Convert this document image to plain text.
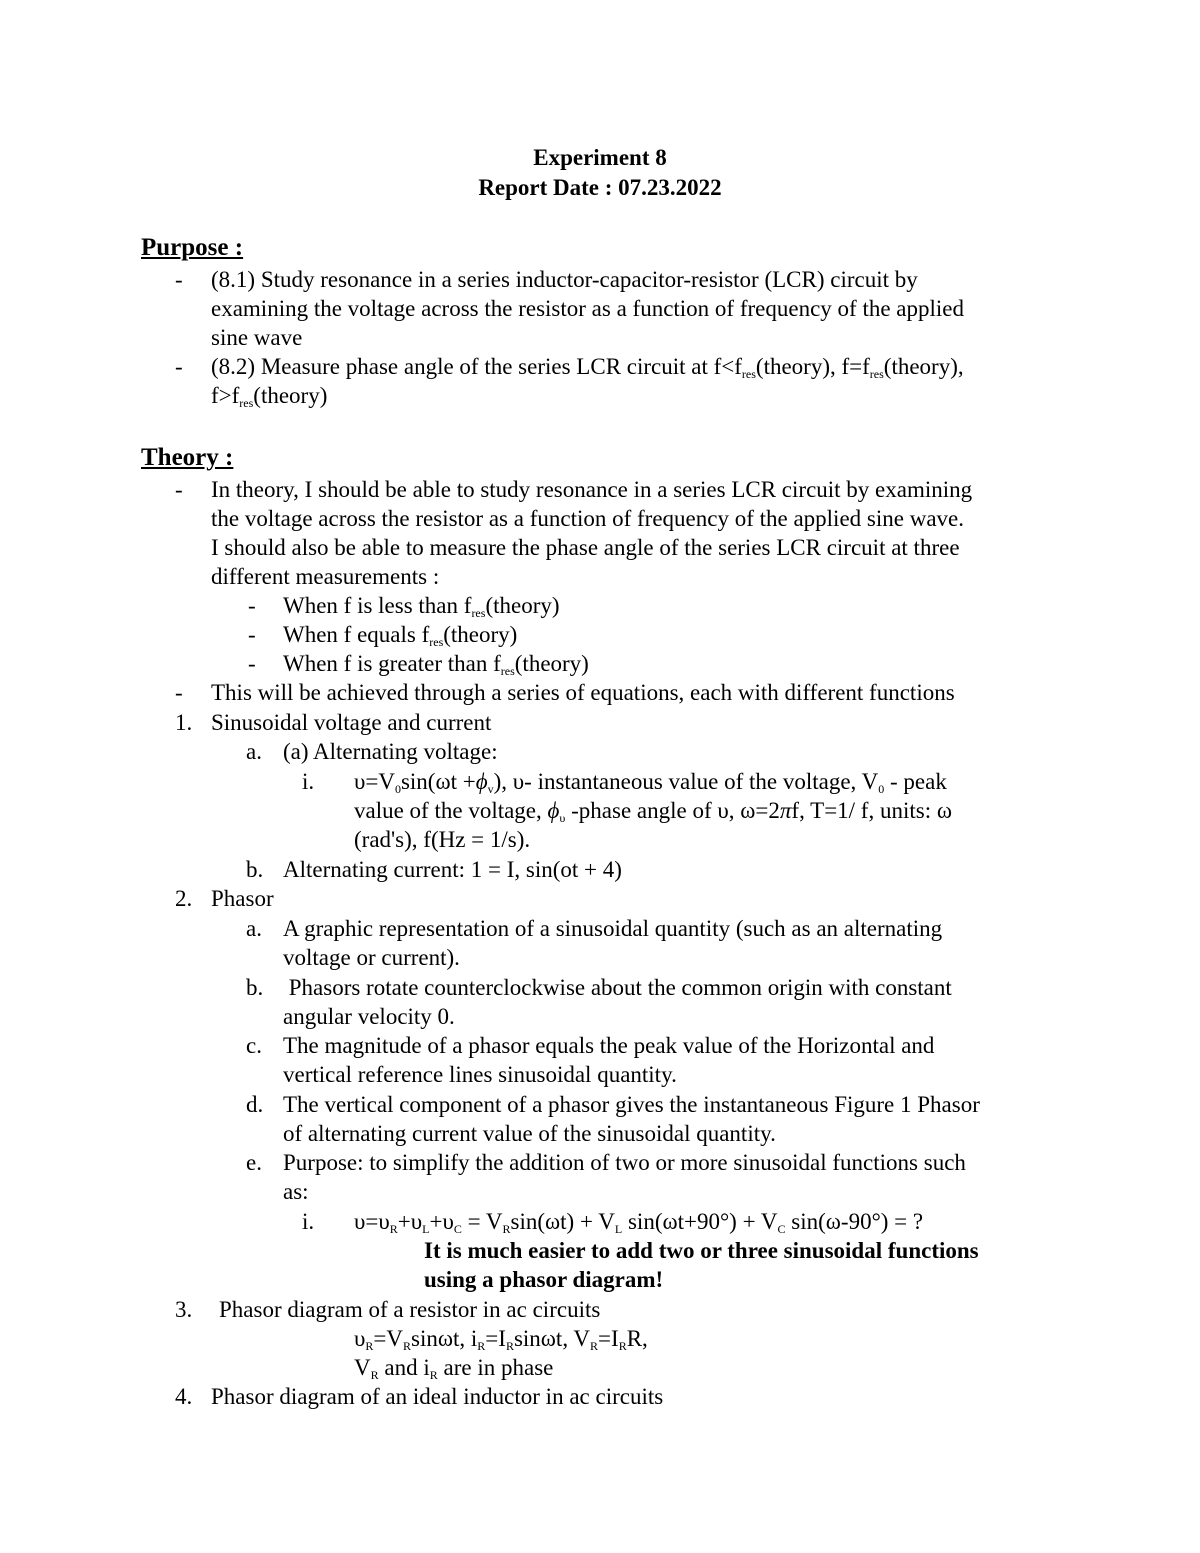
Experiment 8
Report Date : 07.23.2022
Purpose :
- (8.1) Study resonance in a series inductor-capacitor-resistor (LCR) circuit by
examining the voltage across the resistor as a function of frequency of the applied
sine wave
- (8.2) Measure phase angle of the series LCR circuit at $f<f_{res}(theory)$, $f=f_{res}(theory)$,
$f>f_{res}(theory)$
Theory :
- In theory, I should be able to study resonance in a series LCR circuit by examining
the voltage across the resistor as a function of frequency of the applied sine wave.
I should also be able to measure the phase angle of the series LCR circuit at three
different measurements :
- When f is less than $f_{res}(theory)$
- When f equals $f_{res}(theory)$
- When f is greater than $f_{res}(theory)$
- This will be achieved through a series of equations, each with different functions
1. Sinusoidal voltage and current
a. (a) Alternating voltage:
i. $\upsilon=V_0\sin(\omega t +\phi_v)$, υ- instantaneous value of the voltage, $V_0$ - peak
value of the voltage, $\phi_\upsilon$ -phase angle of υ, ω=2πf, T=1/ f, units: ω
(rad's), f(Hz = 1/s).
b. Alternating current: 1 = I, sin(ot + 4)
2. Phasor
a. A graphic representation of a sinusoidal quantity (such as an alternating
voltage or current).
b. Phasors rotate counterclockwise about the common origin with constant
angular velocity 0.
c. The magnitude of a phasor equals the peak value of the Horizontal and
vertical reference lines sinusoidal quantity.
d. The vertical component of a phasor gives the instantaneous Figure 1 Phasor
of alternating current value of the sinusoidal quantity.
e. Purpose: to simplify the addition of two or more sinusoidal functions such
as:
i. $\upsilon=\upsilon_R+\upsilon_L+\upsilon_C = V_R\sin(\omega t) + V_L$ $\sin(\omega t+90^\circ) + V_C$ sin(ω-90°) = ?
It is much easier to add two or three sinusoidal functions
using a phasor diagram!
3. Phasor diagram of a resistor in ac circuits
$\upsilon_R=V_R\sin\omega t$, $i_R=I_R\sin\omega t$, $V_R=I_RR$,
$V_R$ and $i_R$ are in phase
4. Phasor diagram of an ideal inductor in ac circuits
